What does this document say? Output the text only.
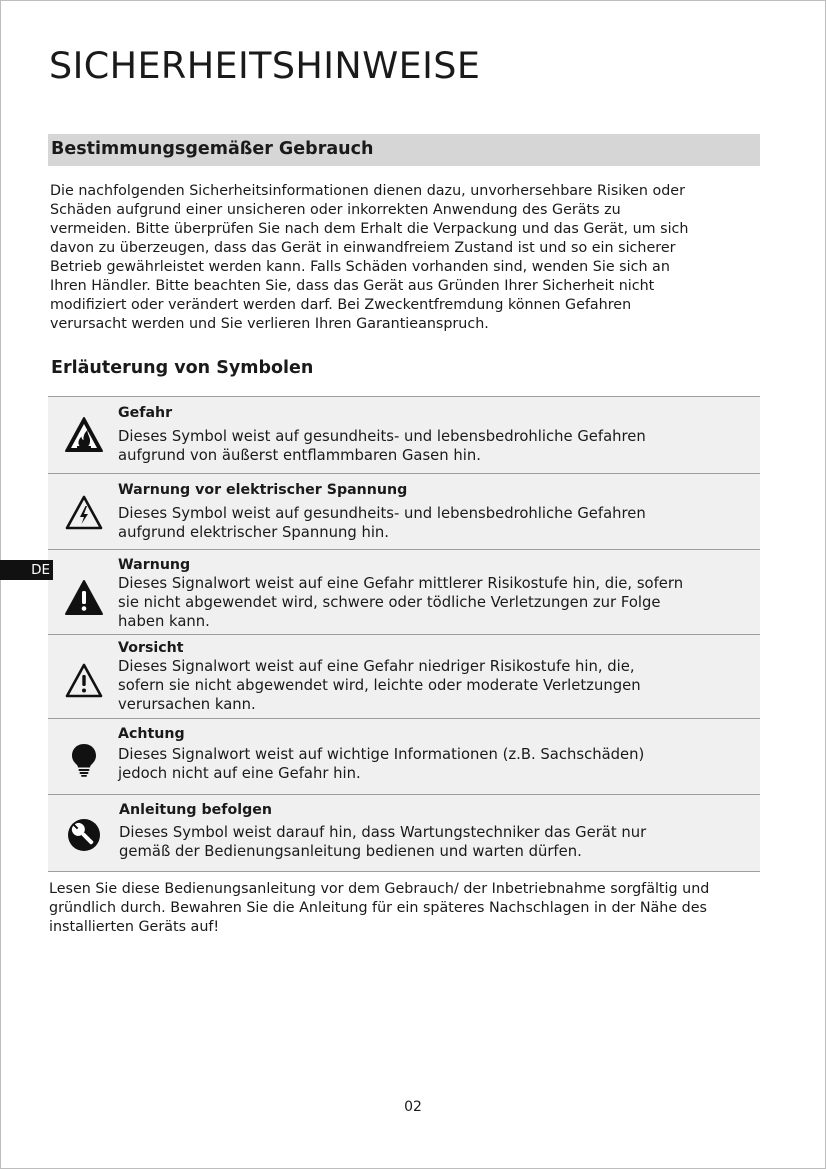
SICHERHEITSHINWEISE
Bestimmungsgemäßer Gebrauch

Die nachfolgenden Sicherheitsinformationen dienen dazu, unvorhersehbare Risiken oder
Schäden aufgrund einer unsicheren oder inkorrekten Anwendung des Geräts zu
vermeiden. Bitte überprüfen Sie nach dem Erhalt die Verpackung und das Gerät, um sich
davon zu überzeugen, dass das Gerät in einwandfreiem Zustand ist und so ein sicherer
Betrieb gewährleistet werden kann. Falls Schäden vorhanden sind, wenden Sie sich an
Ihren Händler. Bitte beachten Sie, dass das Gerät aus Gründen Ihrer Sicherheit nicht
modifiziert oder verändert werden darf. Bei Zweckentfremdung können Gefahren
verursacht werden und Sie verlieren Ihren Garantieanspruch.

Erläuterung von Symbolen

Gefahr

Dieses Symbol weist auf gesundheits- und lebensbedrohliche Gefahren
aufgrund von äußerst entflammbaren Gasen hin.

Warnung vor elektrischer Spannung

Dieses Symbol weist auf gesundheits- und lebensbedrohliche Gefahren
aufgrund elektrischer Spannung hin.

Warnung

Dieses Signalwort weist auf eine Gefahr mittlerer Risikostufe hin, die, sofern
sie nicht abgewendet wird, schwere oder tödliche Verletzungen zur Folge
haben kann.

Vorsicht

Dieses Signalwort weist auf eine Gefahr niedriger Risikostufe hin, die,
sofern sie nicht abgewendet wird, leichte oder moderate Verletzungen
verursachen kann.

Achtung

Dieses Signalwort weist auf wichtige Informationen (z.B. Sachschäden)
jedoch nicht auf eine Gefahr hin.

Anleitung befolgen

Dieses Symbol weist darauf hin, dass Wartungstechniker das Gerät nur
gemäß der Bedienungsanleitung bedienen und warten dürfen.

DE

Lesen Sie diese Bedienungsanleitung vor dem Gebrauch/ der Inbetriebnahme sorgfältig und
gründlich durch. Bewahren Sie die Anleitung für ein späteres Nachschlagen in der Nähe des
installierten Geräts auf!

02
